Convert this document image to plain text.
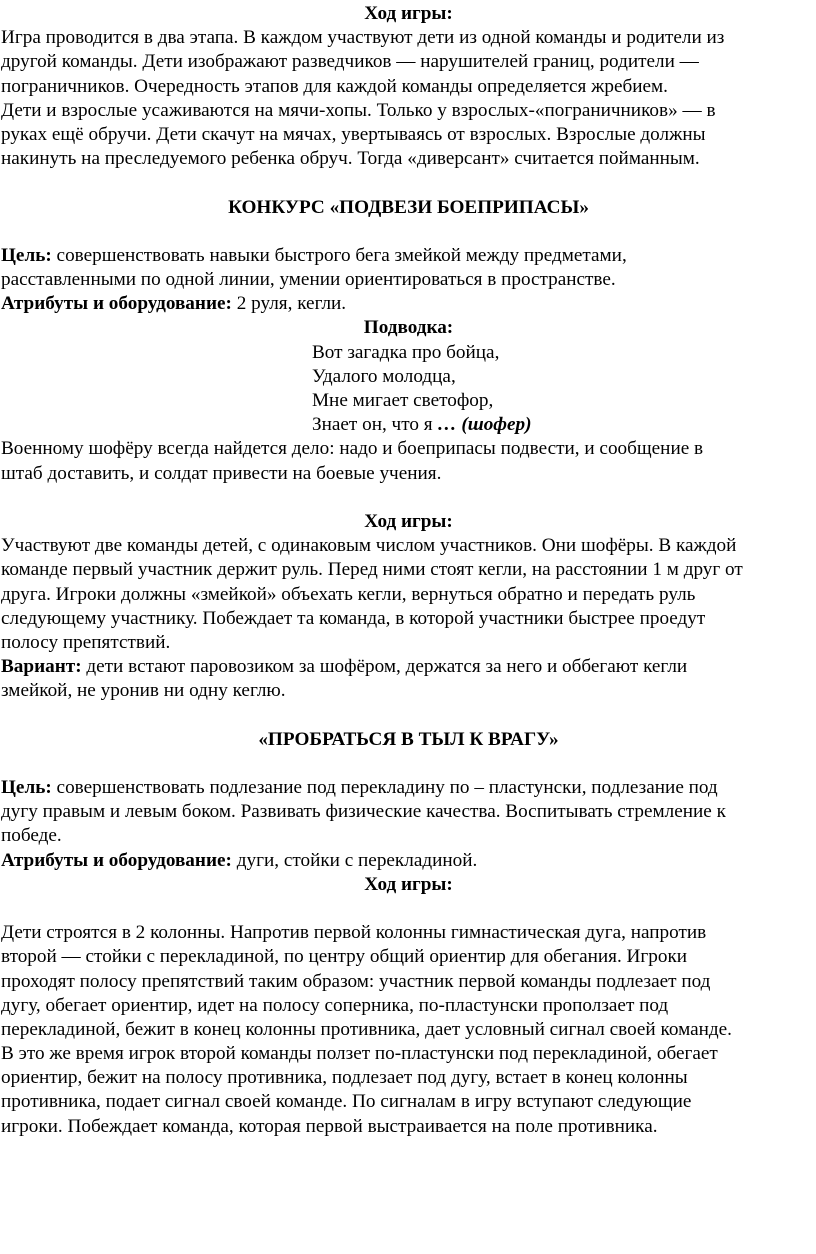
Ход игры:
Игра проводится в два этапа. В каждом участвуют дети из одной команды и родители из
другой команды. Дети изображают разведчиков — нарушителей границ, родители —
пограничников. Очередность этапов для каждой команды определяется жребием.
Дети и взрослые усаживаются на мячи-хопы. Только у взрослых-«пограничников» — в
руках ещё обручи. Дети скачут на мячах, увертываясь от взрослых. Взрослые должны
накинуть на преследуемого ребенка обруч. Тогда «диверсант» считается пойманным.
КОНКУРС «ПОДВЕЗИ БОЕПРИПАСЫ»
Цель: совершенствовать навыки быстрого бега змейкой между предметами,
расставленными по одной линии, умении ориентироваться в пространстве.
Атрибуты и оборудование: 2 руля, кегли.
Подводка:
Вот загадка про бойца,
Удалого молодца,
Мне мигает светофор,
Знает он, что я … (шофер)
Военному шофёру всегда найдется дело: надо и боеприпасы подвести, и сообщение в
штаб доставить, и солдат привести на боевые учения.
Ход игры:
Участвуют две команды детей, с одинаковым числом участников. Они шофёры. В каждой
команде первый участник держит руль. Перед ними стоят кегли, на расстоянии 1 м друг от
друга. Игроки должны «змейкой» объехать кегли, вернуться обратно и передать руль
следующему участнику. Побеждает та команда, в которой участники быстрее проедут
полосу препятствий.
Вариант: дети встают паровозиком за шофёром, держатся за него и оббегают кегли
змейкой, не уронив ни одну кеглю.
«ПРОБРАТЬСЯ В ТЫЛ К ВРАГУ»
Цель: совершенствовать подлезание под перекладину по – пластунски, подлезание под
дугу правым и левым боком. Развивать физические качества. Воспитывать стремление к
победе.
Атрибуты и оборудование: дуги, стойки с перекладиной.
Ход игры:
Дети строятся в 2 колонны. Напротив первой колонны гимнастическая дуга, напротив
второй — стойки с перекладиной, по центру общий ориентир для обегания. Игроки
проходят полосу препятствий таким образом: участник первой команды подлезает под
дугу, обегает ориентир, идет на полосу соперника, по-пластунски проползает под
перекладиной, бежит в конец колонны противника, дает условный сигнал своей команде.
В это же время игрок второй команды ползет по-пластунски под перекладиной, обегает
ориентир, бежит на полосу противника, подлезает под дугу, встает в конец колонны
противника, подает сигнал своей команде. По сигналам в игру вступают следующие
игроки. Побеждает команда, которая первой выстраивается на поле противника.
